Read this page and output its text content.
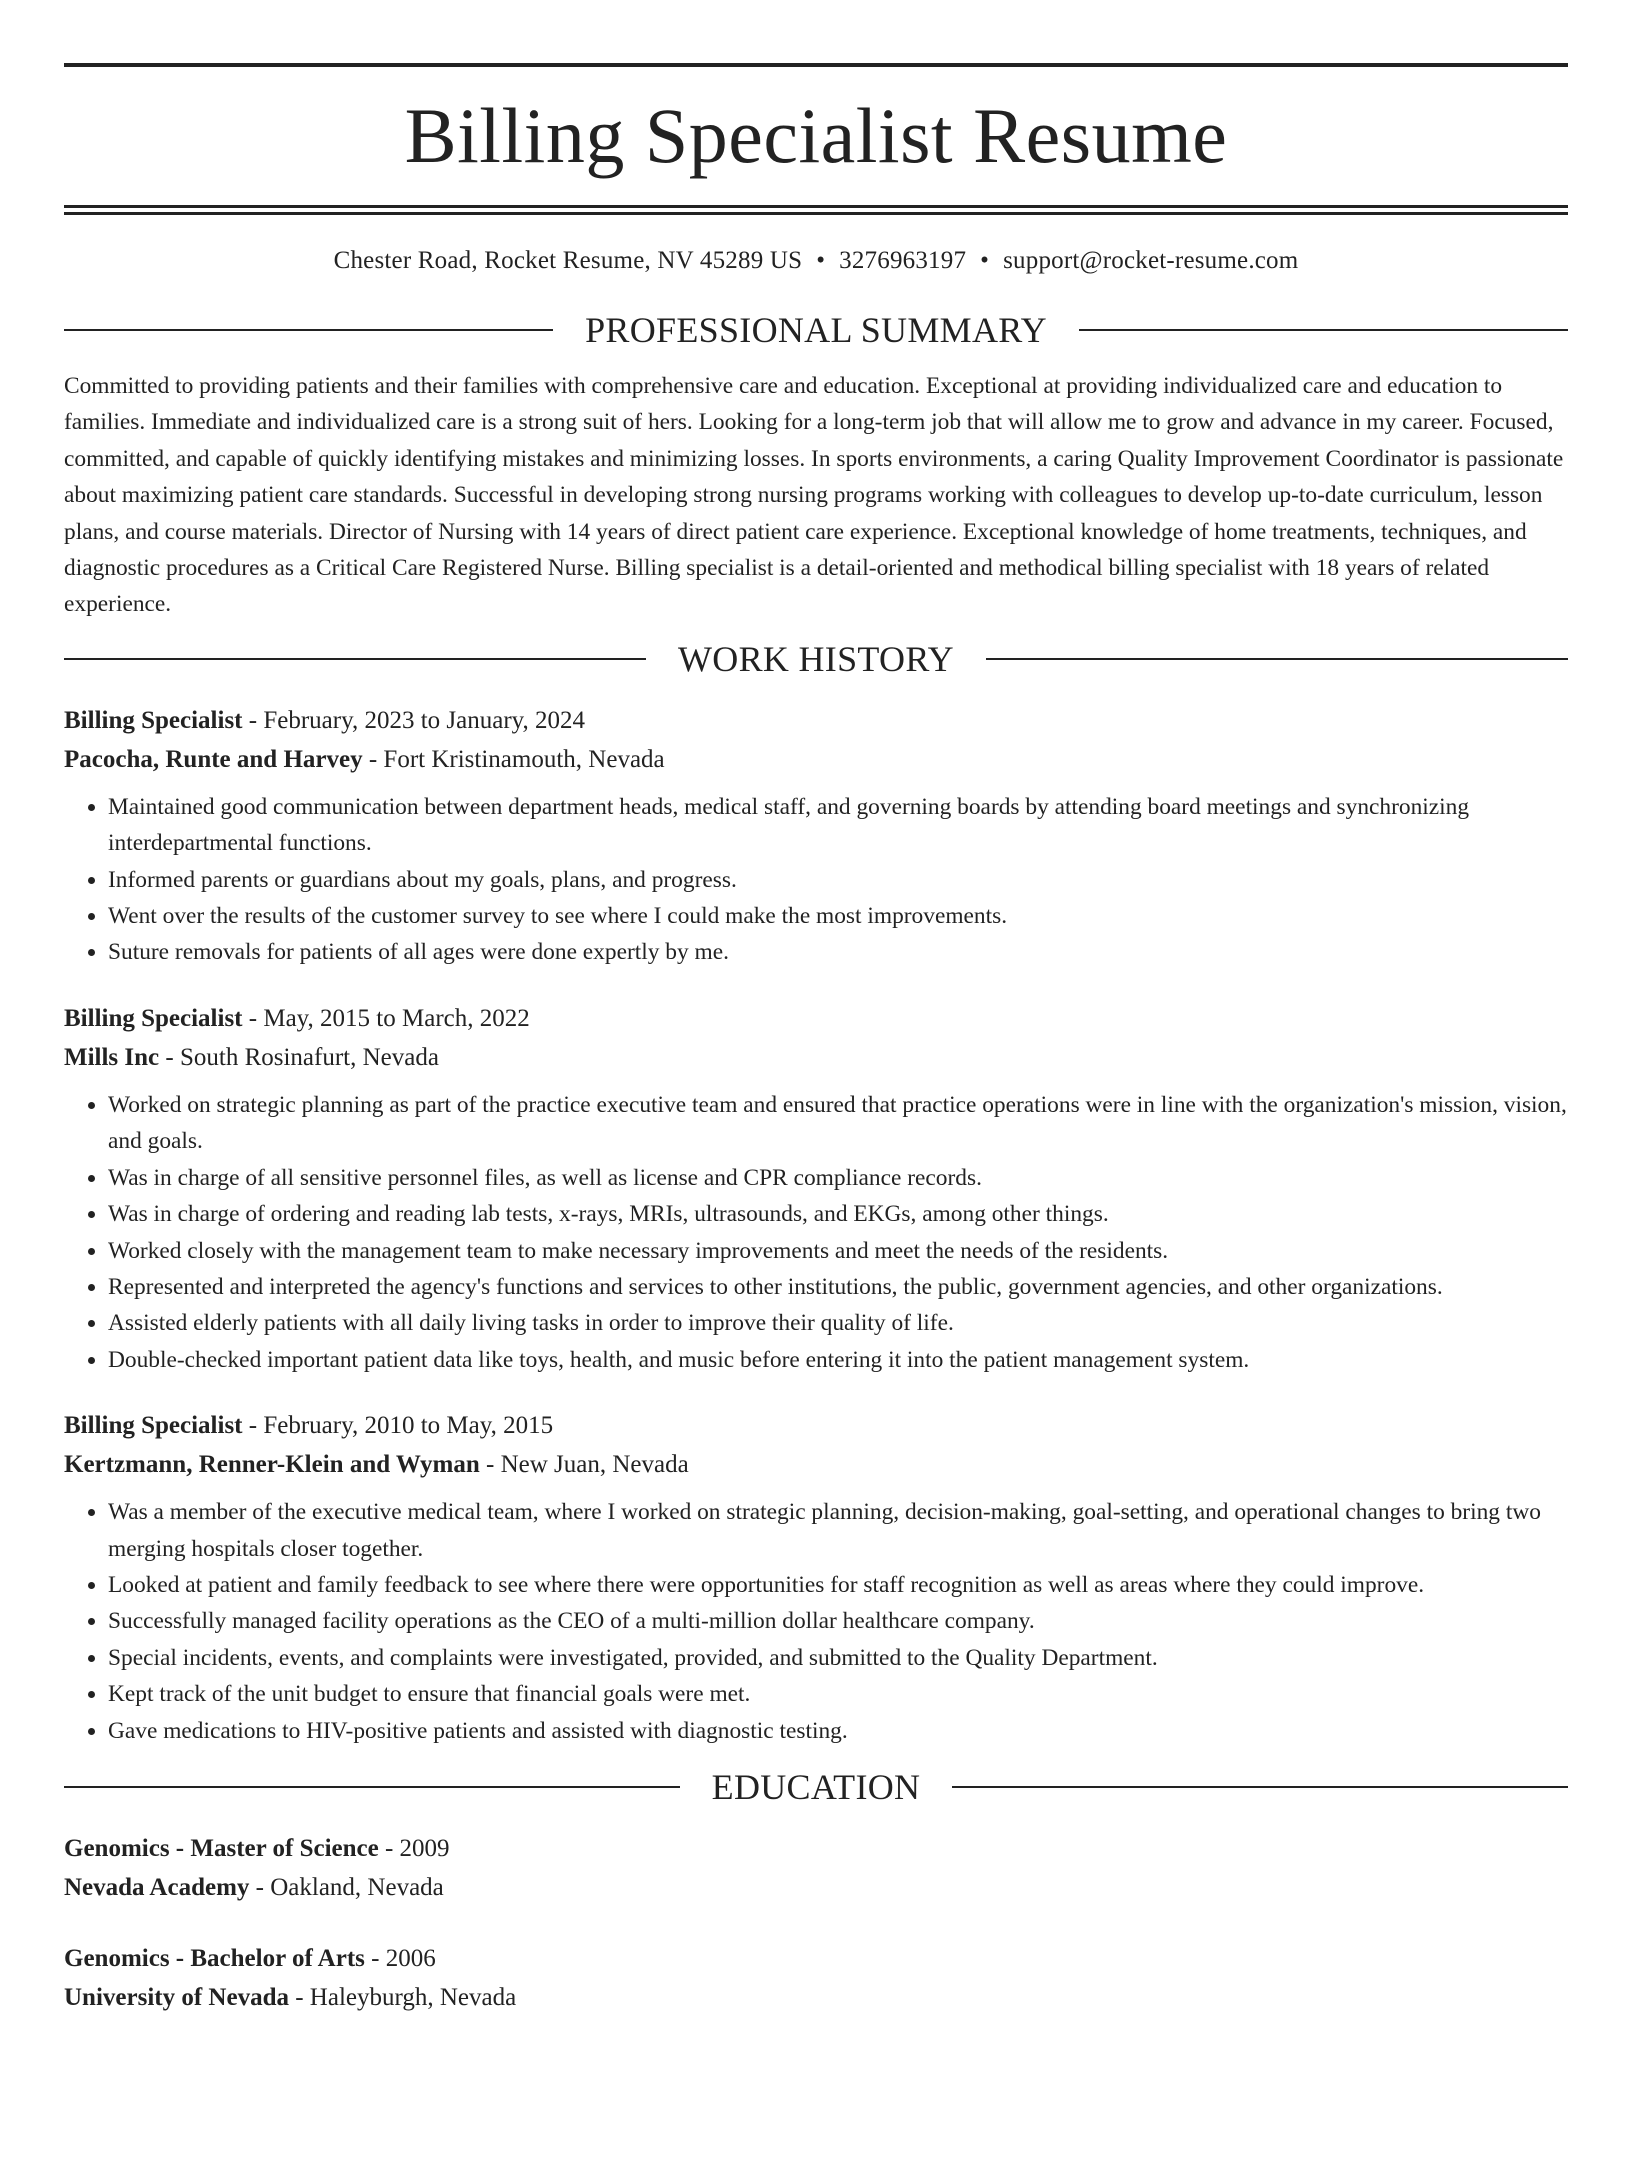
Billing Specialist Resume
Chester Road, Rocket Resume, NV 45289 US • 3276963197 • support@rocket-resume.com
PROFESSIONAL SUMMARY

Committed to providing patients and their families with comprehensive care and education. Exceptional at providing individualized care and education to families. Immediate and individualized care is a strong suit of hers. Looking for a long-term job that will allow me to grow and advance in my career. Focused, committed, and capable of quickly identifying mistakes and minimizing losses. In sports environments, a caring Quality Improvement Coordinator is passionate about maximizing patient care standards. Successful in developing strong nursing programs working with colleagues to develop up-to-date curriculum, lesson plans, and course materials. Director of Nursing with 14 years of direct patient care experience. Exceptional knowledge of home treatments, techniques, and diagnostic procedures as a Critical Care Registered Nurse. Billing specialist is a detail-oriented and methodical billing specialist with 18 years of related experience.

WORK HISTORY

Billing Specialist - February, 2023 to January, 2024

Pacocha, Runte and Harvey - Fort Kristinamouth, Nevada

• Maintained good communication between department heads, medical staff, and governing boards by attending board meetings and synchronizing interdepartmental functions.
• Informed parents or guardians about my goals, plans, and progress.
• Went over the results of the customer survey to see where I could make the most improvements.
• Suture removals for patients of all ages were done expertly by me.

Billing Specialist - May, 2015 to March, 2022

Mills Inc - South Rosinafurt, Nevada

• Worked on strategic planning as part of the practice executive team and ensured that practice operations were in line with the organization's mission, vision, and goals.
• Was in charge of all sensitive personnel files, as well as license and CPR compliance records.
• Was in charge of ordering and reading lab tests, x-rays, MRIs, ultrasounds, and EKGs, among other things.
• Worked closely with the management team to make necessary improvements and meet the needs of the residents.
• Represented and interpreted the agency's functions and services to other institutions, the public, government agencies, and other organizations.
• Assisted elderly patients with all daily living tasks in order to improve their quality of life.
• Double-checked important patient data like toys, health, and music before entering it into the patient management system.

Billing Specialist - February, 2010 to May, 2015

Kertzmann, Renner-Klein and Wyman - New Juan, Nevada

• Was a member of the executive medical team, where I worked on strategic planning, decision-making, goal-setting, and operational changes to bring two merging hospitals closer together.
• Looked at patient and family feedback to see where there were opportunities for staff recognition as well as areas where they could improve.
• Successfully managed facility operations as the CEO of a multi-million dollar healthcare company.
• Special incidents, events, and complaints were investigated, provided, and submitted to the Quality Department.
• Kept track of the unit budget to ensure that financial goals were met.
• Gave medications to HIV-positive patients and assisted with diagnostic testing.
EDUCATION

Genomics - Master of Science - 2009

Nevada Academy - Oakland, Nevada

Genomics - Bachelor of Arts - 2006

University of Nevada - Haleyburgh, Nevada
